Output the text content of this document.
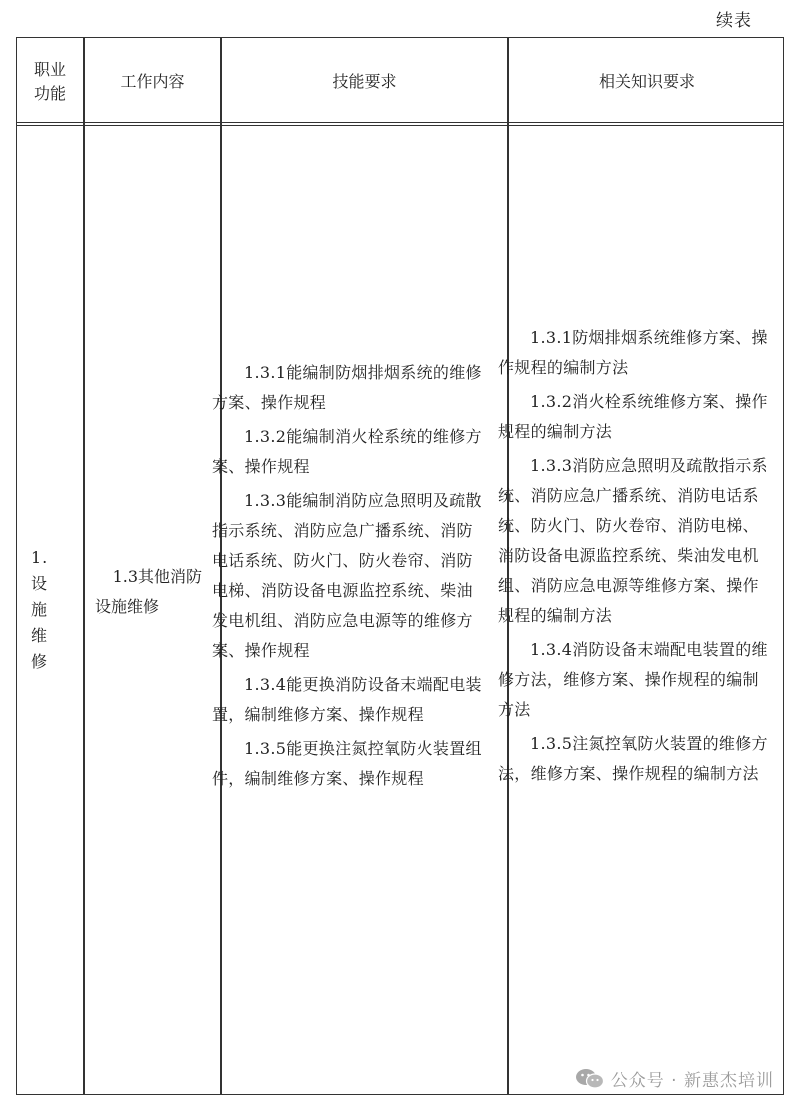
续表
职业
功能
工作内容	技能要求	相关知识要求
1. 设施维修
1.3其他消防设施维修

1.3.1能编制防烟排烟系统的维修方案、操作规程

1.3.2能编制消火栓系统的维修方案、操作规程

1.3.3能编制消防应急照明及疏散指示系统、消防应急广播系统、消防电话系统、防火门、防火卷帘、消防电梯、消防设备电源监控系统、柴油发电机组、消防应急电源等的维修方案、操作规程

1.3.4能更换消防设备末端配电装置，编制维修方案、操作规程

1.3.5能更换注氮控氧防火装置组件，编制维修方案、操作规程

1.3.1防烟排烟系统维修方案、操作规程的编制方法

1.3.2消火栓系统维修方案、操作规程的编制方法

1.3.3消防应急照明及疏散指示系统、消防应急广播系统、消防电话系统、防火门、防火卷帘、消防电梯、消防设备电源监控系统、柴油发电机组、消防应急电源等维修方案、操作规程的编制方法

1.3.4消防设备末端配电装置的维修方法，维修方案、操作规程的编制方法

1.3.5注氮控氧防火装置的维修方法，维修方案、操作规程的编制方法

公众号 · 新惠杰培训
